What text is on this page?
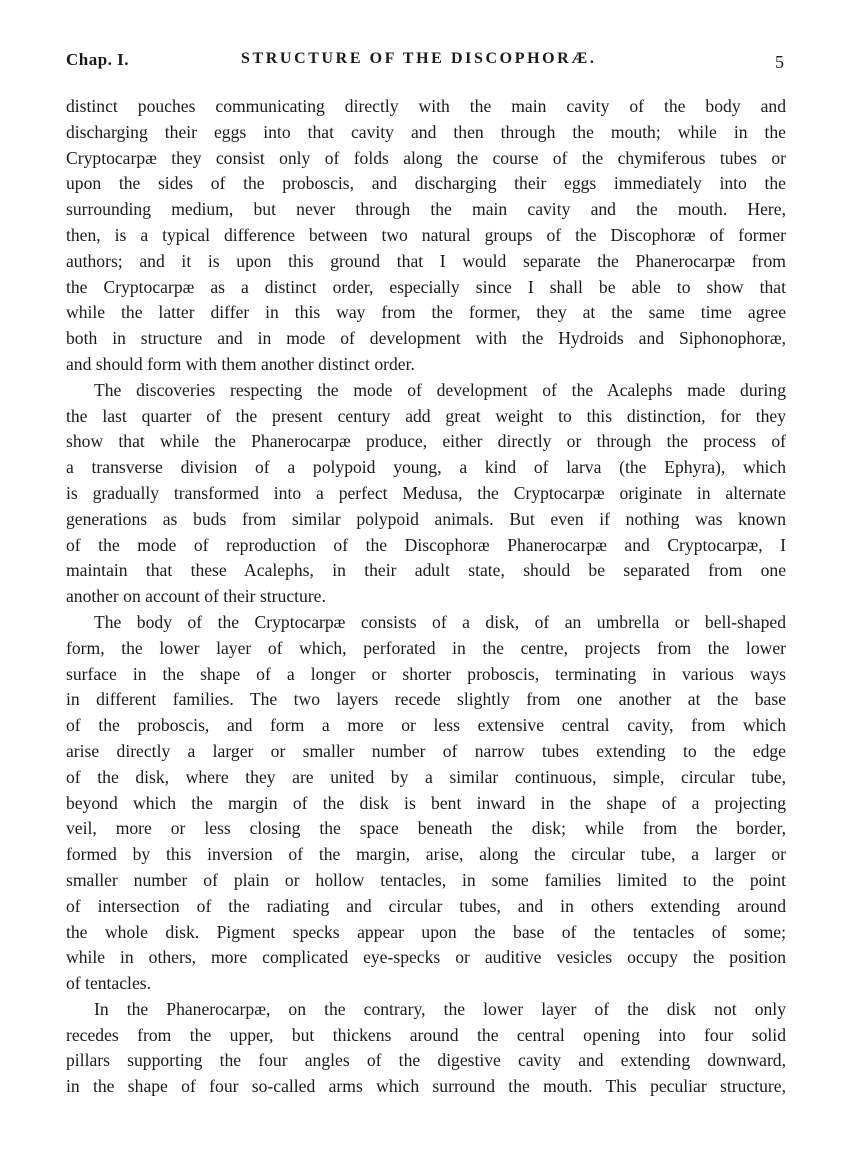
Chap. I.	STRUCTURE OF THE DISCOPHORÆ.	5
distinct pouches communicating directly with the main cavity of the body and
discharging their eggs into that cavity and then through the mouth; while in the
Cryptocarpæ they consist only of folds along the course of the chymiferous tubes or
upon the sides of the proboscis, and discharging their eggs immediately into the
surrounding medium, but never through the main cavity and the mouth. Here,
then, is a typical difference between two natural groups of the Discophoræ of former
authors; and it is upon this ground that I would separate the Phanerocarpæ from
the Cryptocarpæ as a distinct order, especially since I shall be able to show that
while the latter differ in this way from the former, they at the same time agree
both in structure and in mode of development with the Hydroids and Siphonophoræ,
and should form with them another distinct order.
The discoveries respecting the mode of development of the Acalephs made during
the last quarter of the present century add great weight to this distinction, for they
show that while the Phanerocarpæ produce, either directly or through the process of
a transverse division of a polypoid young, a kind of larva (the Ephyra), which
is gradually transformed into a perfect Medusa, the Cryptocarpæ originate in alternate
generations as buds from similar polypoid animals. But even if nothing was known
of the mode of reproduction of the Discophoræ Phanerocarpæ and Cryptocarpæ, I
maintain that these Acalephs, in their adult state, should be separated from one
another on account of their structure.
The body of the Cryptocarpæ consists of a disk, of an umbrella or bell-shaped
form, the lower layer of which, perforated in the centre, projects from the lower
surface in the shape of a longer or shorter proboscis, terminating in various ways
in different families. The two layers recede slightly from one another at the base
of the proboscis, and form a more or less extensive central cavity, from which
arise directly a larger or smaller number of narrow tubes extending to the edge
of the disk, where they are united by a similar continuous, simple, circular tube,
beyond which the margin of the disk is bent inward in the shape of a projecting
veil, more or less closing the space beneath the disk; while from the border,
formed by this inversion of the margin, arise, along the circular tube, a larger or
smaller number of plain or hollow tentacles, in some families limited to the point
of intersection of the radiating and circular tubes, and in others extending around
the whole disk. Pigment specks appear upon the base of the tentacles of some;
while in others, more complicated eye-specks or auditive vesicles occupy the position
of tentacles.
In the Phanerocarpæ, on the contrary, the lower layer of the disk not only
recedes from the upper, but thickens around the central opening into four solid
pillars supporting the four angles of the digestive cavity and extending downward,
in the shape of four so-called arms which surround the mouth. This peculiar structure,
